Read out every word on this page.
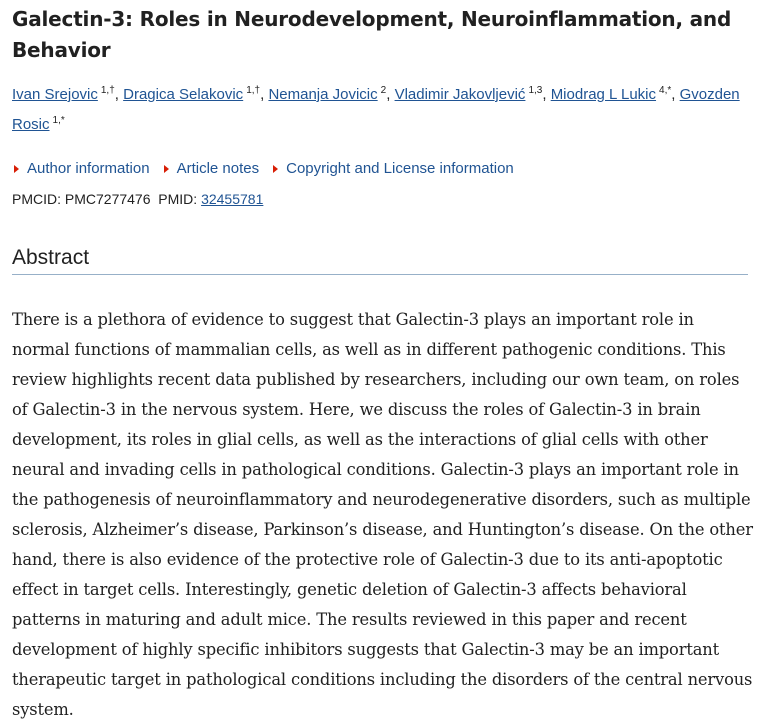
Galectin-3: Roles in Neurodevelopment, Neuroinflammation, and Behavior
Ivan Srejovic $^{1,\dagger}$, Dragica Selakovic $^{1,\dagger}$, Nemanja Jovicic $^2$, Vladimir Jakovljević $^{1,3}$, Miodrag L Lukic $^{4,*}$, Gvozden Rosic $^{1,*}$
Author information Article notes Copyright and License information
PMCID: PMC7277476 PMID: 32455781
Abstract

There is a plethora of evidence to suggest that Galectin-3 plays an important role in normal functions of mammalian cells, as well as in different pathogenic conditions. This review highlights recent data published by researchers, including our own team, on roles of Galectin-3 in the nervous system. Here, we discuss the roles of Galectin-3 in brain development, its roles in glial cells, as well as the interactions of glial cells with other neural and invading cells in pathological conditions. Galectin-3 plays an important role in the pathogenesis of neuroinflammatory and neurodegenerative disorders, such as multiple sclerosis, Alzheimer’s disease, Parkinson’s disease, and Huntington’s disease. On the other hand, there is also evidence of the protective role of Galectin-3 due to its anti-apoptotic effect in target cells. Interestingly, genetic deletion of Galectin-3 affects behavioral patterns in maturing and adult mice. The results reviewed in this paper and recent development of highly specific inhibitors suggests that Galectin-3 may be an important therapeutic target in pathological conditions including the disorders of the central nervous system.
